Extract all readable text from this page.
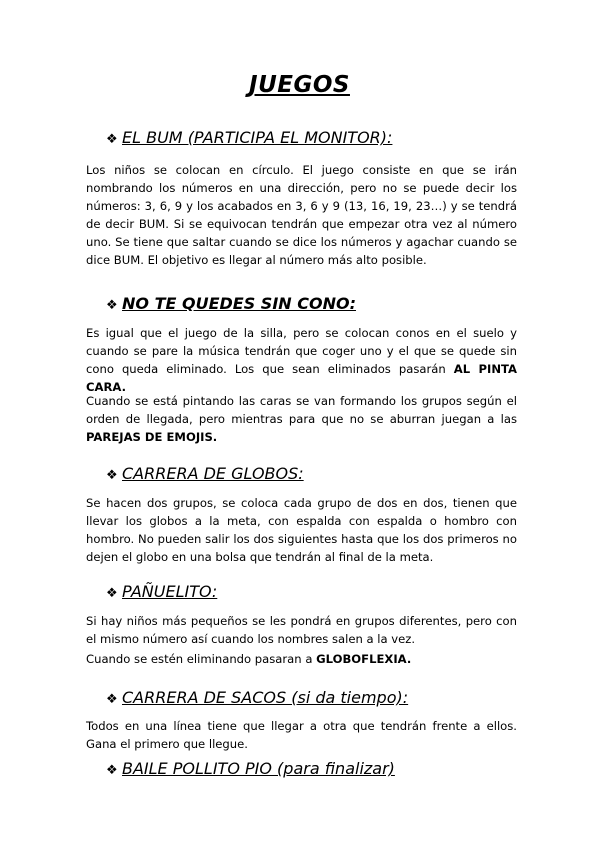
JUEGOS
❖ EL BUM (PARTICIPA EL MONITOR):
Los niños se colocan en círculo. El juego consiste en que se irán nombrando los números en una dirección, pero no se puede decir los números: 3, 6, 9 y los acabados en 3, 6 y 9 (13, 16, 19, 23…) y se tendrá de decir BUM. Si se equivocan tendrán que empezar otra vez al número uno. Se tiene que saltar cuando se dice los números y agachar cuando se dice BUM. El objetivo es llegar al número más alto posible.
❖ NO TE QUEDES SIN CONO:
Es igual que el juego de la silla, pero se colocan conos en el suelo y cuando se pare la música tendrán que coger uno y el que se quede sin cono queda eliminado. Los que sean eliminados pasarán AL PINTA CARA.
Cuando se está pintando las caras se van formando los grupos según el orden de llegada, pero mientras para que no se aburran juegan a las PAREJAS DE EMOJIS.
❖ CARRERA DE GLOBOS:
Se hacen dos grupos, se coloca cada grupo de dos en dos, tienen que llevar los globos a la meta, con espalda con espalda o hombro con hombro. No pueden salir los dos siguientes hasta que los dos primeros no dejen el globo en una bolsa que tendrán al final de la meta.
❖ PAÑUELITO:
Si hay niños más pequeños se les pondrá en grupos diferentes, pero con el mismo número así cuando los nombres salen a la vez.
Cuando se estén eliminando pasaran a GLOBOFLEXIA.
❖ CARRERA DE SACOS (si da tiempo):
Todos en una línea tiene que llegar a otra que tendrán frente a ellos. Gana el primero que llegue.
❖ BAILE POLLITO PIO (para finalizar)
